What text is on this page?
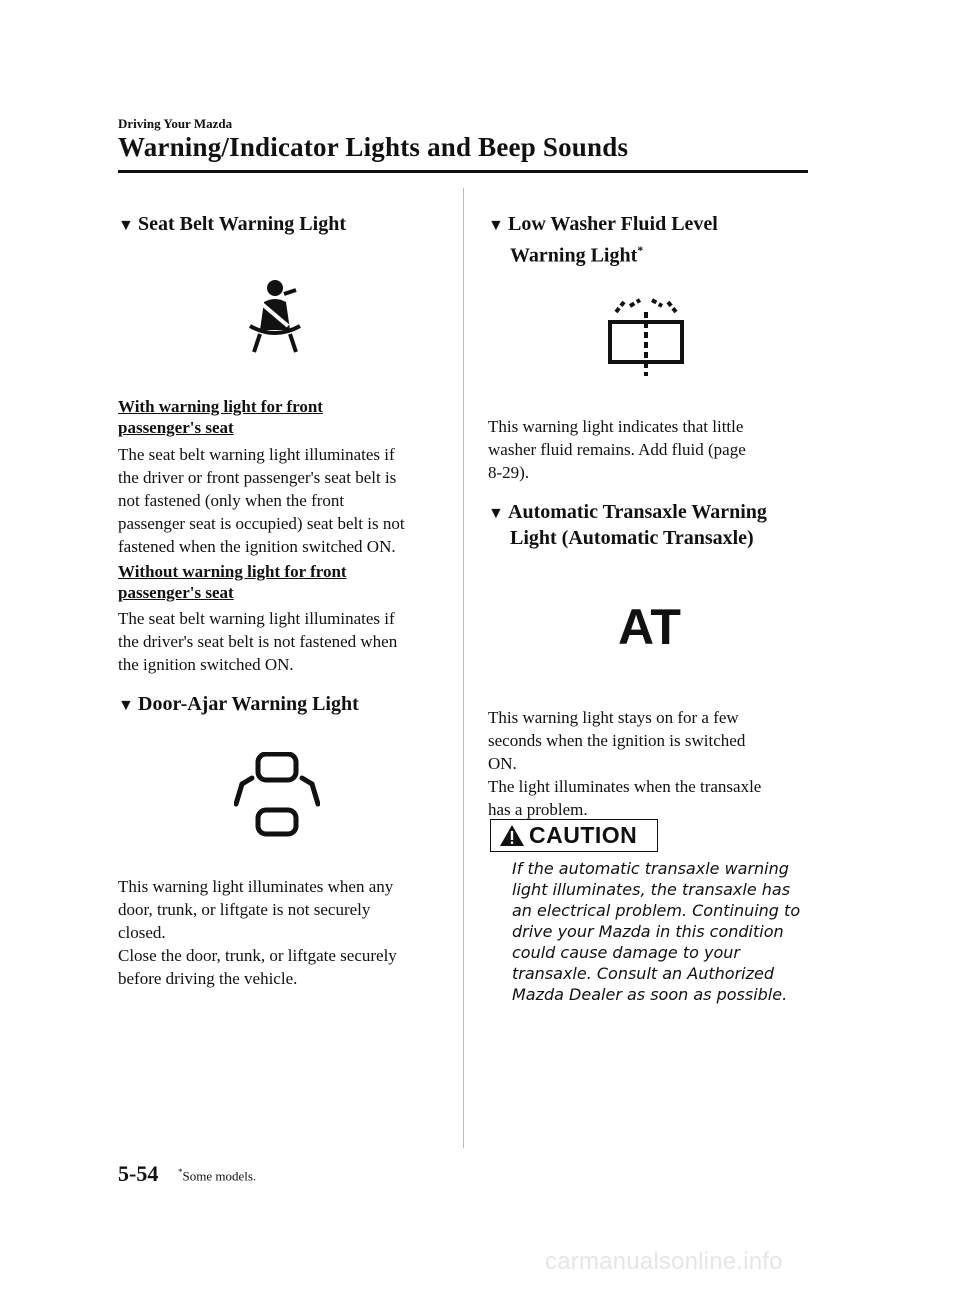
Driving Your Mazda
Warning/Indicator Lights and Beep Sounds
▼ Seat Belt Warning Light
With warning light for front
passenger's seat
The seat belt warning light illuminates if
the driver or front passenger's seat belt is
not fastened (only when the front
passenger seat is occupied) seat belt is not
fastened when the ignition switched ON.
Without warning light for front
passenger's seat
The seat belt warning light illuminates if
the driver's seat belt is not fastened when
the ignition switched ON.
▼ Door-Ajar Warning Light
This warning light illuminates when any
door, trunk, or liftgate is not securely
closed.
Close the door, trunk, or liftgate securely
before driving the vehicle.
▼ Low Washer Fluid Level
Warning Light*
This warning light indicates that little
washer fluid remains. Add fluid (page
8-29).
▼ Automatic Transaxle Warning
Light (Automatic Transaxle)
AT
This warning light stays on for a few
seconds when the ignition is switched
ON.
The light illuminates when the transaxle
has a problem.
CAUTION
If the automatic transaxle warning
light illuminates, the transaxle has
an electrical problem. Continuing to
drive your Mazda in this condition
could cause damage to your
transaxle. Consult an Authorized
Mazda Dealer as soon as possible.
5-54 *Some models.
carmanualsonline.info
